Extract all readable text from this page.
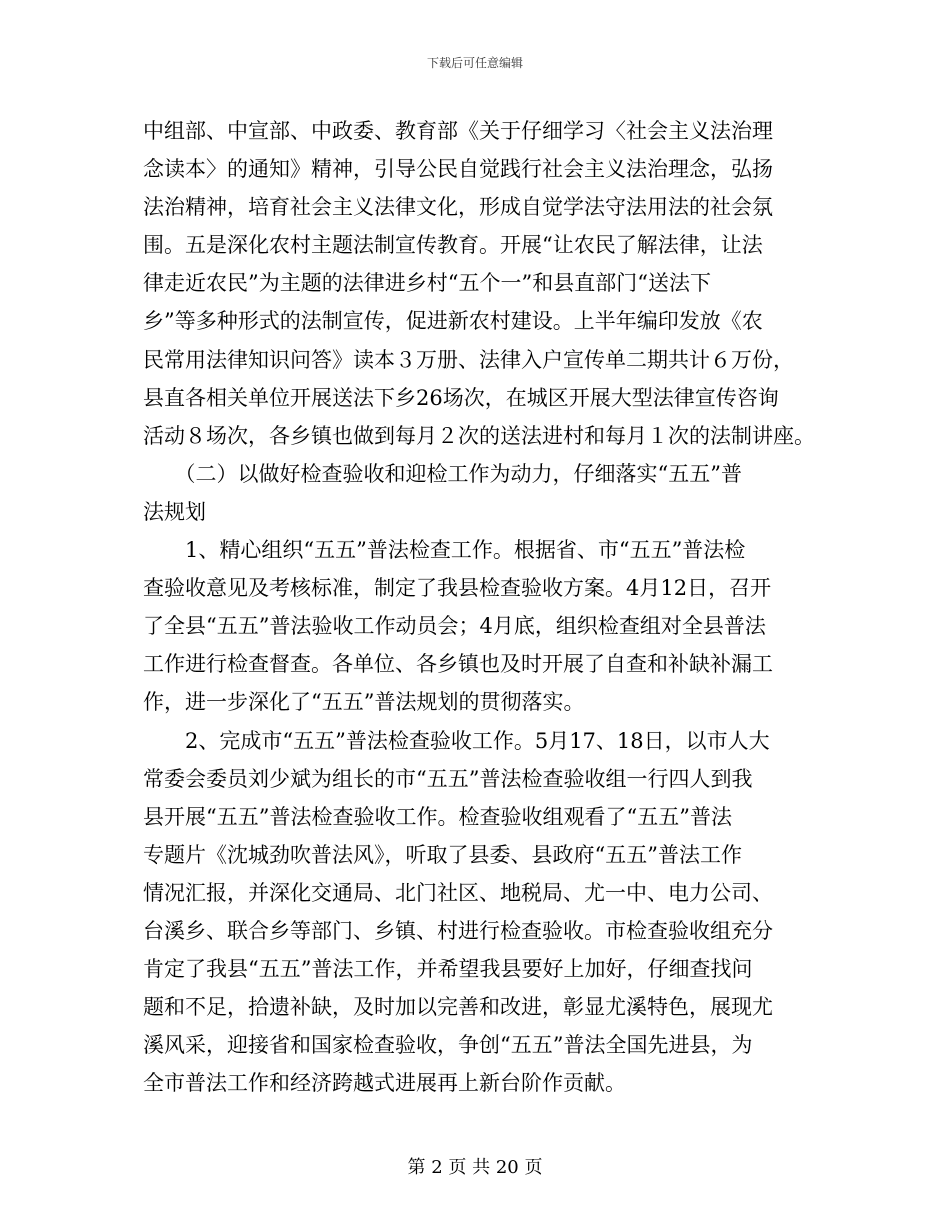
下载后可任意编辑
中组部、中宣部、中政委、教育部《关于仔细学习〈社会主义法治理
念读本〉的通知》精神，引导公民自觉践行社会主义法治理念，弘扬
法治精神，培育社会主义法律文化，形成自觉学法守法用法的社会氛
围。五是深化农村主题法制宣传教育。开展“让农民了解法律，让法
律走近农民”为主题的法律进乡村“五个一”和县直部门“送法下
乡”等多种形式的法制宣传，促进新农村建设。上半年编印发放《农
民常用法律知识问答》读本３万册、法律入户宣传单二期共计６万份，
县直各相关单位开展送法下乡26场次，在城区开展大型法律宣传咨询
活动８场次，各乡镇也做到每月２次的送法进村和每月１次的法制讲座。
　　（二）以做好检查验收和迎检工作为动力，仔细落实“五五”普
法规划
　　1、精心组织“五五”普法检查工作。根据省、市“五五”普法检
查验收意见及考核标准，制定了我县检查验收方案。4月12日，召开
了全县“五五”普法验收工作动员会；4月底，组织检查组对全县普法
工作进行检查督查。各单位、各乡镇也及时开展了自查和补缺补漏工
作，进一步深化了“五五”普法规划的贯彻落实。
　　2、完成市“五五”普法检查验收工作。5月17、18日，以市人大
常委会委员刘少斌为组长的市“五五”普法检查验收组一行四人到我
县开展“五五”普法检查验收工作。检查验收组观看了“五五”普法
专题片《沈城劲吹普法风》，听取了县委、县政府“五五”普法工作
情况汇报，并深化交通局、北门社区、地税局、尤一中、电力公司、
台溪乡、联合乡等部门、乡镇、村进行检查验收。市检查验收组充分
肯定了我县“五五”普法工作，并希望我县要好上加好，仔细查找问
题和不足，拾遗补缺，及时加以完善和改进，彰显尤溪特色，展现尤
溪风采，迎接省和国家检查验收，争创“五五”普法全国先进县，为
全市普法工作和经济跨越式进展再上新台阶作贡献。
第 2 页 共 20 页
